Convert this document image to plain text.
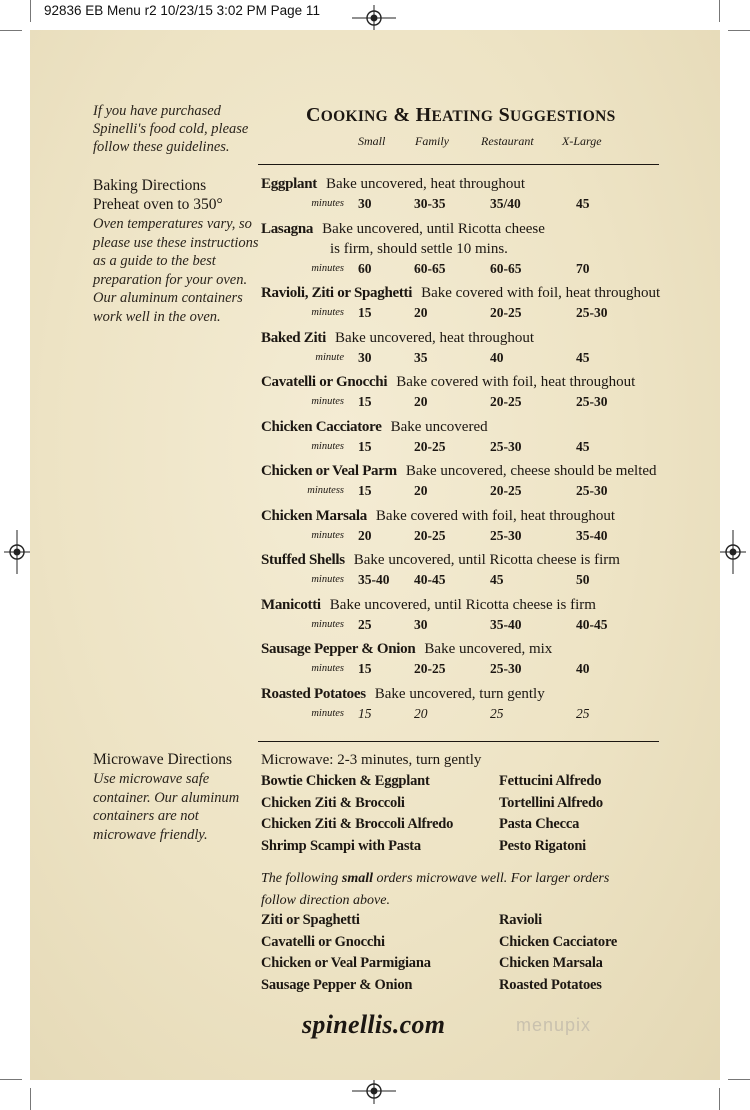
92836 EB Menu r2 10/23/15 3:02 PM Page 11
If you have purchased Spinelli's food cold, please follow these guidelines.
COOKING & HEATING SUGGESTIONS
Small Family	Restaurant X-Large
Baking Directions
Preheat oven to 350°
Oven temperatures vary, so please use these instructions as a guide to the best preparation for your oven. Our aluminum containers work well in the oven.
Eggplant Bake uncovered, heat throughout
minutes 30	30-35	35/40	45
Lasagna Bake uncovered, until Ricotta cheese
is firm, should settle 10 mins.
minutes 60	60-65	60-65	70
Ravioli, Ziti or Spaghetti Bake covered with foil, heat throughout
minutes 15	20	20-25	25-30
Baked Ziti Bake uncovered, heat throughout
minute 30	35	40	45
Cavatelli or Gnocchi Bake covered with foil, heat throughout
minutes 15	20	20-25	25-30
Chicken Cacciatore Bake uncovered
minutes 15	20-25	25-30	45
Chicken or Veal Parm Bake uncovered, cheese should be melted
minutess 15	20	20-25	25-30
Chicken Marsala Bake covered with foil, heat throughout
minutes 20	20-25	25-30	35-40
Stuffed Shells Bake uncovered, until Ricotta cheese is firm
minutes 35-40 40-45	45	50
Manicotti Bake uncovered, until Ricotta cheese is firm
minutes 25	30	35-40	40-45
Sausage Pepper & Onion Bake uncovered, mix
minutes 15	20-25	25-30	40
Roasted Potatoes Bake uncovered, turn gently
minutes 15	20	25	25
Microwave Directions
Use microwave safe container. Our aluminum containers are not microwave friendly.
Microwave: 2-3 minutes, turn gently
Bowtie Chicken & Eggplant
Chicken Ziti & Broccoli
Chicken Ziti & Broccoli Alfredo
Shrimp Scampi with Pasta
Fettucini Alfredo
Tortellini Alfredo
Pasta Checca
Pesto Rigatoni
The following small orders microwave well. For larger orders follow direction above.
Ziti or Spaghetti
Cavatelli or Gnocchi
Chicken or Veal Parmigiana
Sausage Pepper & Onion
Ravioli
Chicken Cacciatore
Chicken Marsala
Roasted Potatoes
spinellis.com	menupix
